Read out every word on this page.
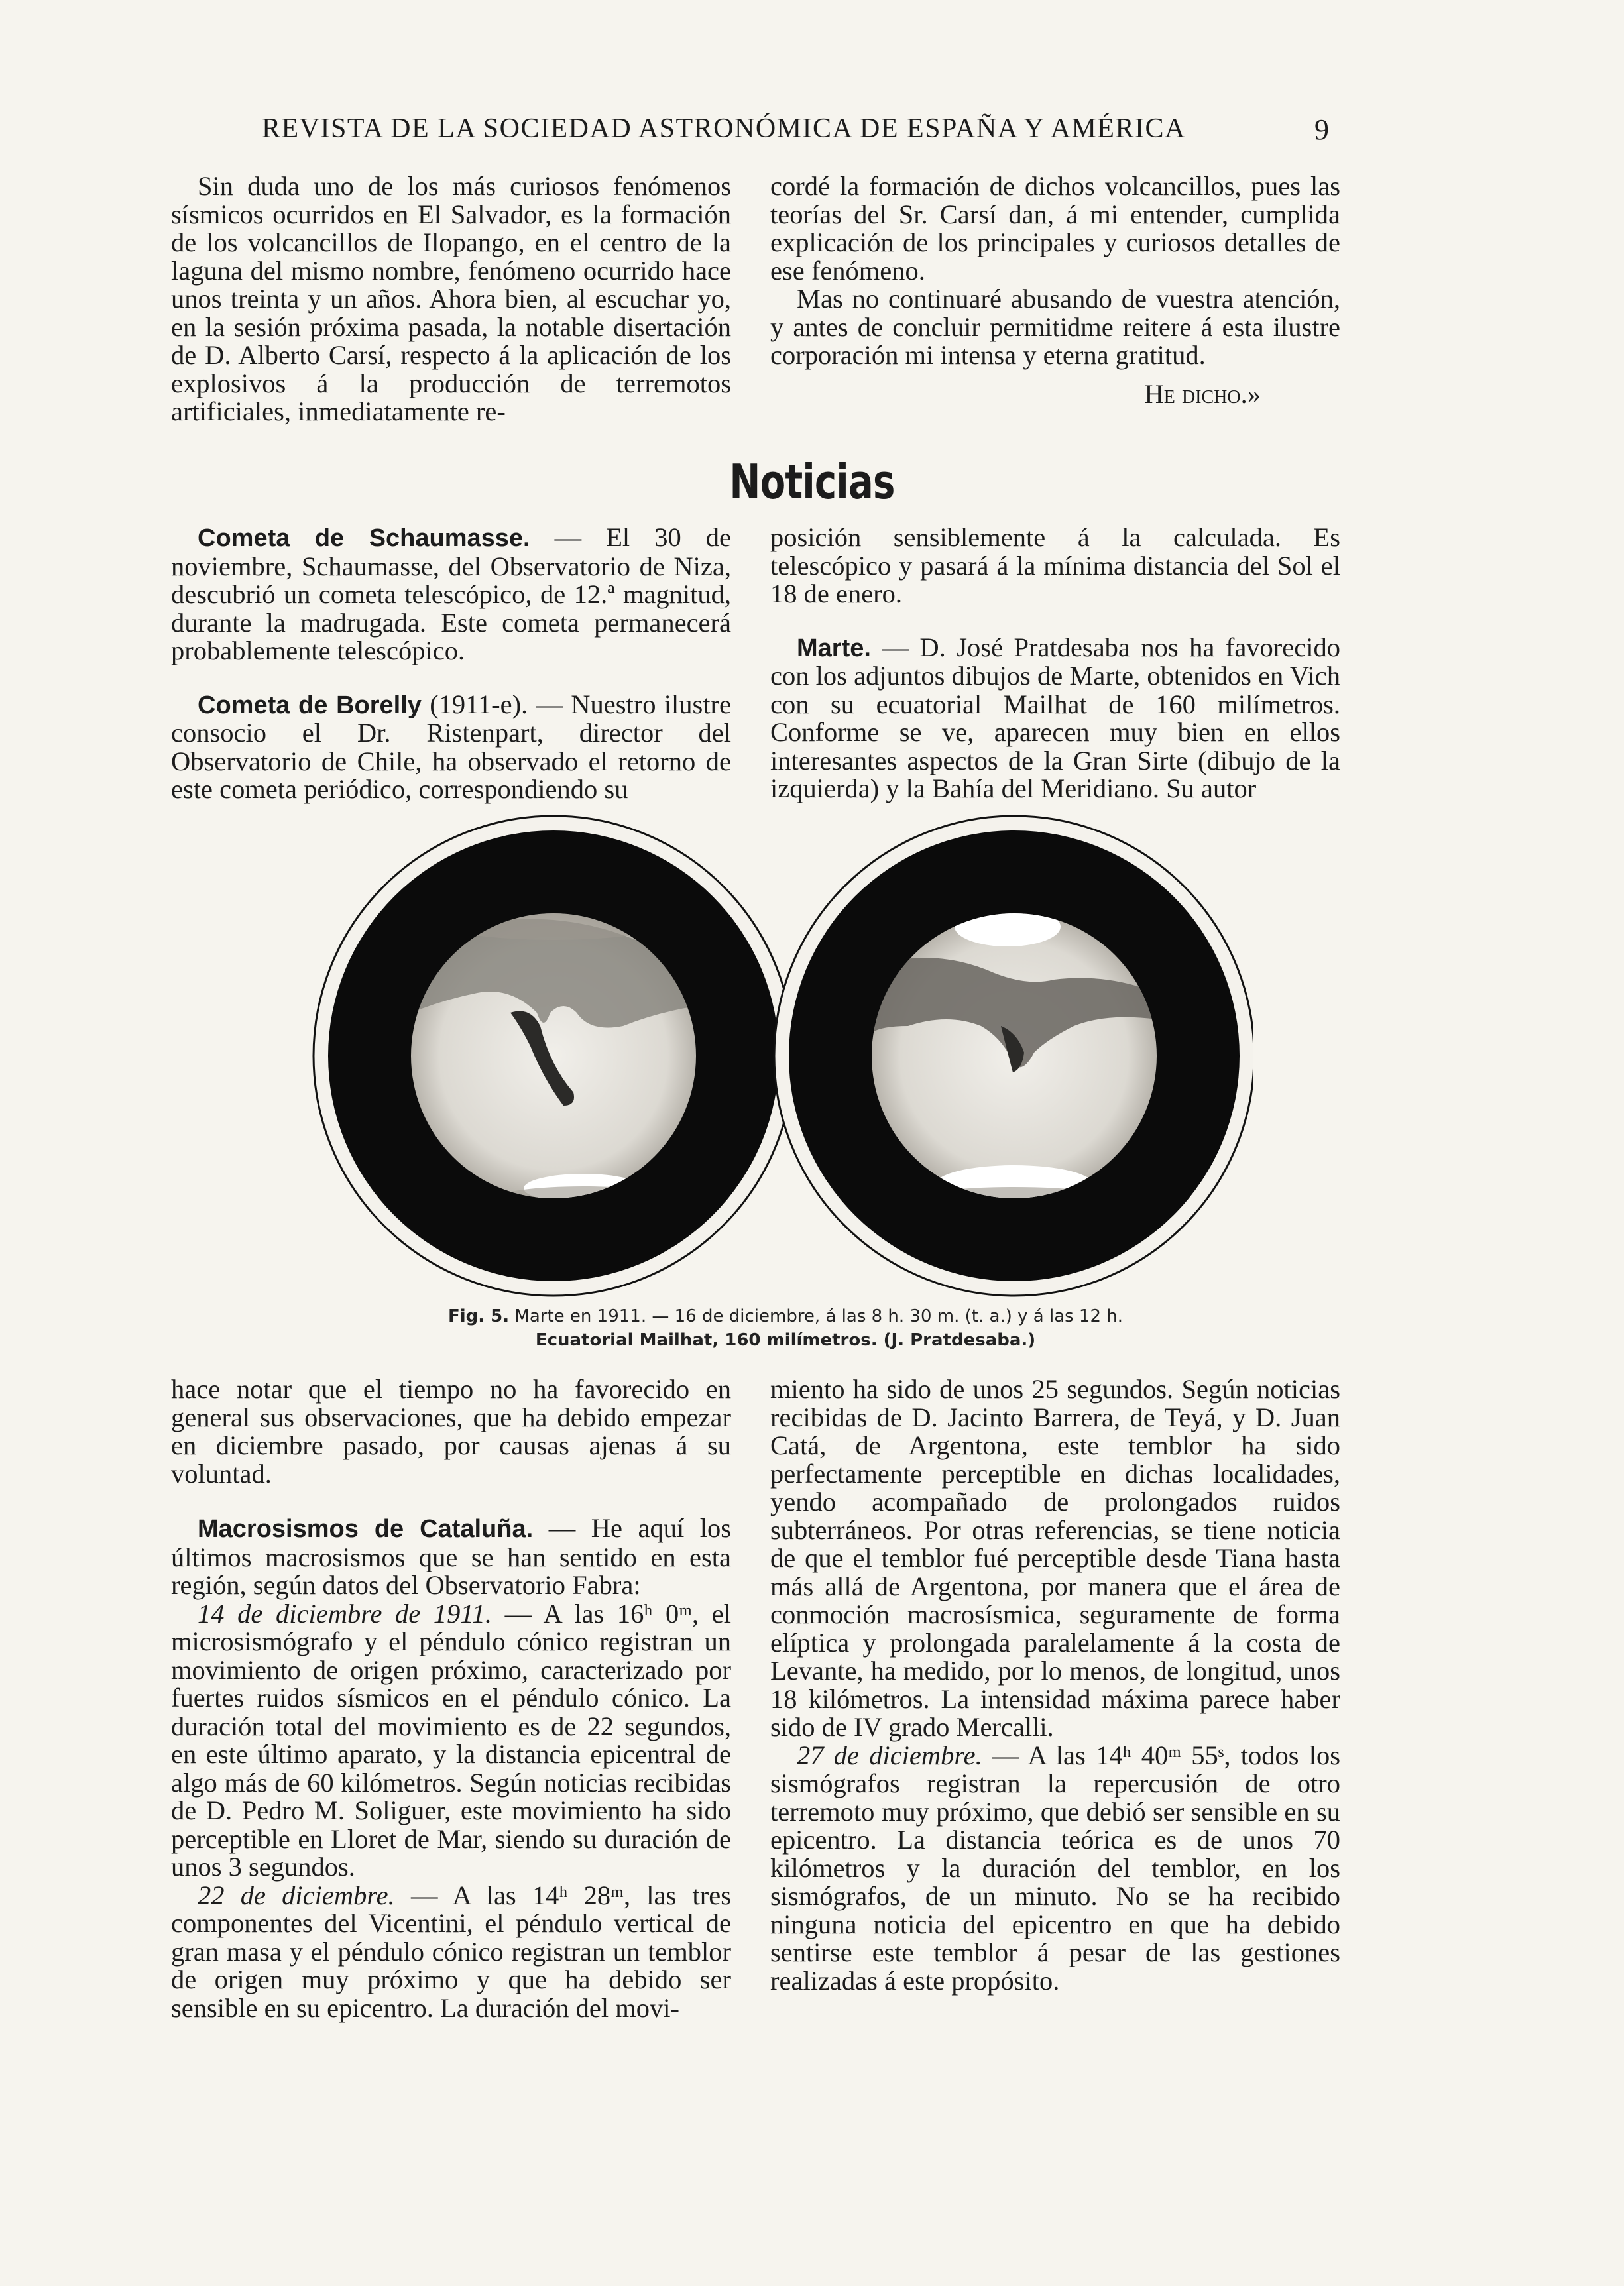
REVISTA DE LA SOCIEDAD ASTRONÓMICA DE ESPAÑA Y AMÉRICA	9

Sin duda uno de los más curiosos fenómenos sísmicos ocurridos en El Salvador, es la formación de los volcancillos de Ilopango, en el centro de la laguna del mismo nombre, fenómeno ocurrido hace unos treinta y un años. Ahora bien, al escuchar yo, en la sesión próxima pasada, la notable disertación de D. Alberto Carsí, respecto á la aplicación de los explosivos á la producción de terremotos artificiales, inmediatamente re-

cordé la formación de dichos volcancillos, pues las teorías del Sr. Carsí dan, á mi entender, cumplida explicación de los principales y curiosos detalles de ese fenómeno.

Mas no continuaré abusando de vuestra atención, y antes de concluir permitidme reitere á esta ilustre corporación mi intensa y eterna gratitud.

He dicho.»

Noticias

Cometa de Schaumasse. — El 30 de noviembre, Schaumasse, del Observatorio de Niza, descubrió un cometa telescópico, de 12.ª magnitud, durante la madrugada. Este cometa permanecerá probablemente telescópico.

Cometa de Borelly (1911-e). — Nuestro ilustre consocio el Dr. Ristenpart, director del Observatorio de Chile, ha observado el retorno de este cometa periódico, correspondiendo su

posición sensiblemente á la calculada. Es telescópico y pasará á la mínima distancia del Sol el 18 de enero.

Marte. — D. José Pratdesaba nos ha favorecido con los adjuntos dibujos de Marte, obtenidos en Vich con su ecuatorial Mailhat de 160 milímetros. Conforme se ve, aparecen muy bien en ellos interesantes aspectos de la Gran Sirte (dibujo de la izquierda) y la Bahía del Meridiano. Su autor

Fig. 5. Marte en 1911. — 16 de diciembre, á las 8 h. 30 m. (t. a.) y á las 12 h.
Ecuatorial Mailhat, 160 milímetros. (J. Pratdesaba.)

hace notar que el tiempo no ha favorecido en general sus observaciones, que ha debido empezar en diciembre pasado, por causas ajenas á su voluntad.

Macrosismos de Cataluña. — He aquí los últimos macrosismos que se han sentido en esta región, según datos del Observatorio Fabra:

14 de diciembre de 1911. — A las 16ʰ 0ᵐ, el microsismógrafo y el péndulo cónico registran un movimiento de origen próximo, caracterizado por fuertes ruidos sísmicos en el péndulo cónico. La duración total del movimiento es de 22 segundos, en este último aparato, y la distancia epicentral de algo más de 60 kilómetros. Según noticias recibidas de D. Pedro M. Soliguer, este movimiento ha sido perceptible en Lloret de Mar, siendo su duración de unos 3 segundos.

22 de diciembre. — A las 14ʰ 28ᵐ, las tres componentes del Vicentini, el péndulo vertical de gran masa y el péndulo cónico registran un temblor de origen muy próximo y que ha debido ser sensible en su epicentro. La duración del movi-

miento ha sido de unos 25 segundos. Según noticias recibidas de D. Jacinto Barrera, de Teyá, y D. Juan Catá, de Argentona, este temblor ha sido perfectamente perceptible en dichas localidades, yendo acompañado de prolongados ruidos subterráneos. Por otras referencias, se tiene noticia de que el temblor fué perceptible desde Tiana hasta más allá de Argentona, por manera que el área de conmoción macrosísmica, seguramente de forma elíptica y prolongada paralelamente á la costa de Levante, ha medido, por lo menos, de longitud, unos 18 kilómetros. La intensidad máxima parece haber sido de IV grado Mercalli.

27 de diciembre. — A las 14ʰ 40ᵐ 55ˢ, todos los sismógrafos registran la repercusión de otro terremoto muy próximo, que debió ser sensible en su epicentro. La distancia teórica es de unos 70 kilómetros y la duración del temblor, en los sismógrafos, de un minuto. No se ha recibido ninguna noticia del epicentro en que ha debido sentirse este temblor á pesar de las gestiones realizadas á este propósito.
